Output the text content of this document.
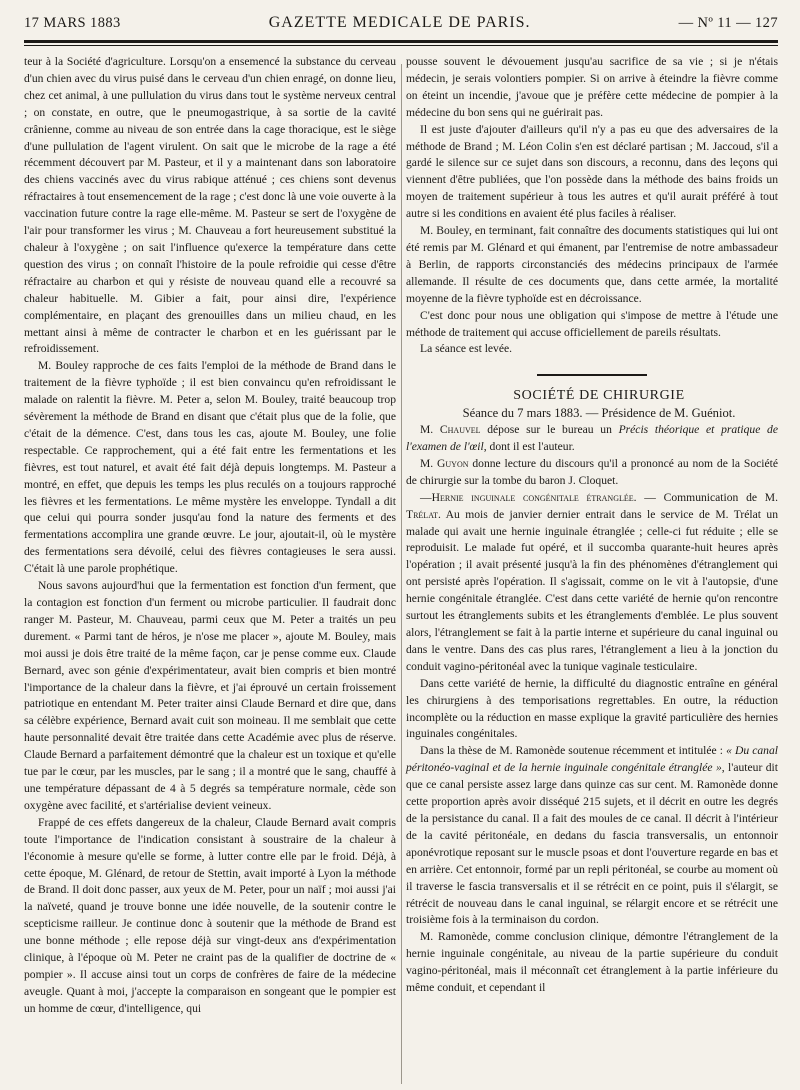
17 MARS 1883	GAZETTE MEDICALE DE PARIS.	— Nº 11 — 127

teur à la Société d'agriculture. Lorsqu'on a ensemencé la substance du cerveau d'un chien avec du virus puisé dans le cerveau d'un chien enragé, on donne lieu, chez cet animal, à une pullulation du virus dans tout le système nerveux central ; on constate, en outre, que le pneumogastrique, à sa sortie de la cavité crânienne, comme au niveau de son entrée dans la cage thoracique, est le siège d'une pullulation de l'agent virulent. On sait que le microbe de la rage a été récemment découvert par M. Pasteur, et il y a maintenant dans son laboratoire des chiens vaccinés avec du virus rabique atténué ; ces chiens sont devenus réfractaires à tout ensemencement de la rage ; c'est donc là une voie ouverte à la vaccination future contre la rage elle-même. M. Pasteur se sert de l'oxygène de l'air pour transformer les virus ; M. Chauveau a fort heureusement substitué la chaleur à l'oxygène ; on sait l'influence qu'exerce la température dans cette question des virus ; on connaît l'histoire de la poule refroidie qui cesse d'être réfractaire au charbon et qui y résiste de nouveau quand elle a recouvré sa chaleur habituelle. M. Gibier a fait, pour ainsi dire, l'expérience complémentaire, en plaçant des grenouilles dans un milieu chaud, en les mettant ainsi à même de contracter le charbon et en les guérissant par le refroidissement.

M. Bouley rapproche de ces faits l'emploi de la méthode de Brand dans le traitement de la fièvre typhoïde ; il est bien convaincu qu'en refroidissant le malade on ralentit la fièvre. M. Peter a, selon M. Bouley, traité beaucoup trop sévèrement la méthode de Brand en disant que c'était plus que de la folie, que c'était de la démence. C'est, dans tous les cas, ajoute M. Bouley, une folie respectable. Ce rapprochement, qui a été fait entre les fermentations et les fièvres, est tout naturel, et avait été fait déjà depuis longtemps. M. Pasteur a montré, en effet, que depuis les temps les plus reculés on a toujours rapproché les fièvres et les fermentations. Le même mystère les enveloppe. Tyndall a dit que celui qui pourra sonder jusqu'au fond la nature des ferments et des fermentations accomplira une grande œuvre. Le jour, ajoutait-il, où le mystère des fermentations sera dévoilé, celui des fièvres contagieuses le sera aussi. C'était là une parole prophétique.

Nous savons aujourd'hui que la fermentation est fonction d'un ferment, que la contagion est fonction d'un ferment ou microbe particulier. Il faudrait donc ranger M. Pasteur, M. Chauveau, parmi ceux que M. Peter a traités un peu durement. « Parmi tant de héros, je n'ose me placer », ajoute M. Bouley, mais moi aussi je dois être traité de la même façon, car je pense comme eux. Claude Bernard, avec son génie d'expérimentateur, avait bien compris et bien montré l'importance de la chaleur dans la fièvre, et j'ai éprouvé un certain froissement patriotique en entendant M. Peter traiter ainsi Claude Bernard et dire que, dans sa célèbre expérience, Bernard avait cuit son moineau. Il me semblait que cette haute personnalité devait être traitée dans cette Académie avec plus de réserve. Claude Bernard a parfaitement démontré que la chaleur est un toxique et qu'elle tue par le cœur, par les muscles, par le sang ; il a montré que le sang, chauffé à une température dépassant de 4 à 5 degrés sa température normale, cède son oxygène avec facilité, et s'artérialise devient veineux.

Frappé de ces effets dangereux de la chaleur, Claude Bernard avait compris toute l'importance de l'indication consistant à soustraire de la chaleur à l'économie à mesure qu'elle se forme, à lutter contre elle par le froid. Déjà, à cette époque, M. Glénard, de retour de Stettin, avait importé à Lyon la méthode de Brand. Il doit donc passer, aux yeux de M. Peter, pour un naïf ; moi aussi j'ai la naïveté, quand je trouve bonne une idée nouvelle, de la soutenir contre le scepticisme railleur. Je continue donc à soutenir que la méthode de Brand est une bonne méthode ; elle repose déjà sur vingt-deux ans d'expérimentation clinique, à l'époque où M. Peter ne craint pas de la qualifier de doctrine de « pompier ». Il accuse ainsi tout un corps de confrères de faire de la médecine aveugle. Quant à moi, j'accepte la comparaison en songeant que le pompier est un homme de cœur, d'intelligence, qui

pousse souvent le dévouement jusqu'au sacrifice de sa vie ; si je n'étais médecin, je serais volontiers pompier. Si on arrive à éteindre la fièvre comme on éteint un incendie, j'avoue que je préfère cette médecine de pompier à la médecine du bon sens qui ne guérirait pas.

Il est juste d'ajouter d'ailleurs qu'il n'y a pas eu que des adversaires de la méthode de Brand ; M. Léon Colin s'en est déclaré partisan ; M. Jaccoud, s'il a gardé le silence sur ce sujet dans son discours, a reconnu, dans des leçons qui viennent d'être publiées, que l'on possède dans la méthode des bains froids un moyen de traitement supérieur à tous les autres et qu'il aurait préféré à tout autre si les conditions en avaient été plus faciles à réaliser.

M. Bouley, en terminant, fait connaître des documents statistiques qui lui ont été remis par M. Glénard et qui émanent, par l'entremise de notre ambassadeur à Berlin, de rapports circonstanciés des médecins principaux de l'armée allemande. Il résulte de ces documents que, dans cette armée, la mortalité moyenne de la fièvre typhoïde est en décroissance.

C'est donc pour nous une obligation qui s'impose de mettre à l'étude une méthode de traitement qui accuse officiellement de pareils résultats.

La séance est levée.

SOCIÉTÉ DE CHIRURGIE

Séance du 7 mars 1883. — Présidence de M. Guéniot.

M. Chauvel dépose sur le bureau un Précis théorique et pratique de l'examen de l'œil, dont il est l'auteur.

M. Guyon donne lecture du discours qu'il a prononcé au nom de la Société de chirurgie sur la tombe du baron J. Cloquet.

—Hernie inguinale congénitale étranglée. — Communication de M. Trélat. Au mois de janvier dernier entrait dans le service de M. Trélat un malade qui avait une hernie inguinale étranglée ; celle-ci fut réduite ; elle se reproduisit. Le malade fut opéré, et il succomba quarante-huit heures après l'opération ; il avait présenté jusqu'à la fin des phénomènes d'étranglement qui ont persisté après l'opération. Il s'agissait, comme on le vit à l'autopsie, d'une hernie congénitale étranglée. C'est dans cette variété de hernie qu'on rencontre surtout les étranglements subits et les étranglements d'emblée. Le plus souvent alors, l'étranglement se fait à la partie interne et supérieure du canal inguinal ou dans le ventre. Dans des cas plus rares, l'étranglement a lieu à la jonction du conduit vagino-péritonéal avec la tunique vaginale testiculaire.

Dans cette variété de hernie, la difficulté du diagnostic entraîne en général les chirurgiens à des temporisations regrettables. En outre, la réduction incomplète ou la réduction en masse explique la gravité particulière des hernies inguinales congénitales.

Dans la thèse de M. Ramonède soutenue récemment et intitulée : « Du canal péritonéo-vaginal et de la hernie inguinale congénitale étranglée », l'auteur dit que ce canal persiste assez large dans quinze cas sur cent. M. Ramonède donne cette proportion après avoir disséqué 215 sujets, et il décrit en outre les degrés de la persistance du canal. Il a fait des moules de ce canal. Il décrit à l'intérieur de la cavité péritonéale, en dedans du fascia transversalis, un entonnoir aponévrotique reposant sur le muscle psoas et dont l'ouverture regarde en bas et en arrière. Cet entonnoir, formé par un repli péritonéal, se courbe au moment où il traverse le fascia transversalis et il se rétrécit en ce point, puis il s'élargit, se rétrécit de nouveau dans le canal inguinal, se rélargit encore et se rétrécit une troisième fois à la terminaison du cordon.

M. Ramonède, comme conclusion clinique, démontre l'étranglement de la hernie inguinale congénitale, au niveau de la partie supérieure du conduit vagino-péritonéal, mais il méconnaît cet étranglement à la partie inférieure du même conduit, et cependant il
